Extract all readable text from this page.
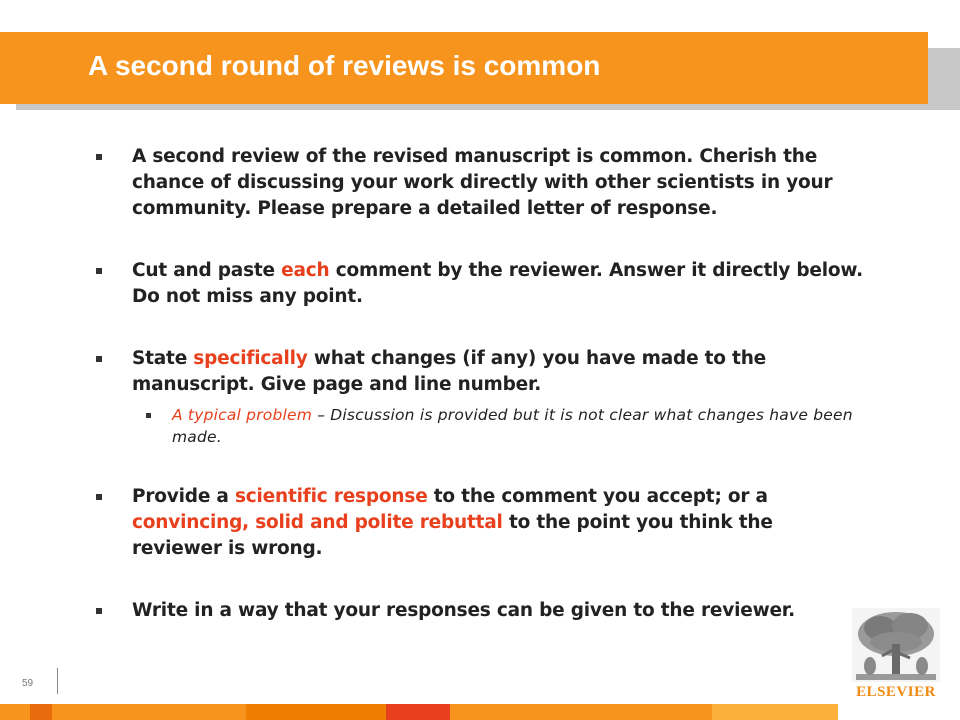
A second round of reviews is common
A second review of the revised manuscript is common. Cherish the chance of discussing your work directly with other scientists in your community. Please prepare a detailed letter of response.
Cut and paste each comment by the reviewer. Answer it directly below. Do not miss any point.
State specifically what changes (if any) you have made to the manuscript. Give page and line number.
A typical problem – Discussion is provided but it is not clear what changes have been made.
Provide a scientific response to the comment you accept; or a convincing, solid and polite rebuttal to the point you think the reviewer is wrong.
Write in a way that your responses can be given to the reviewer.
59
ELSEVIER
